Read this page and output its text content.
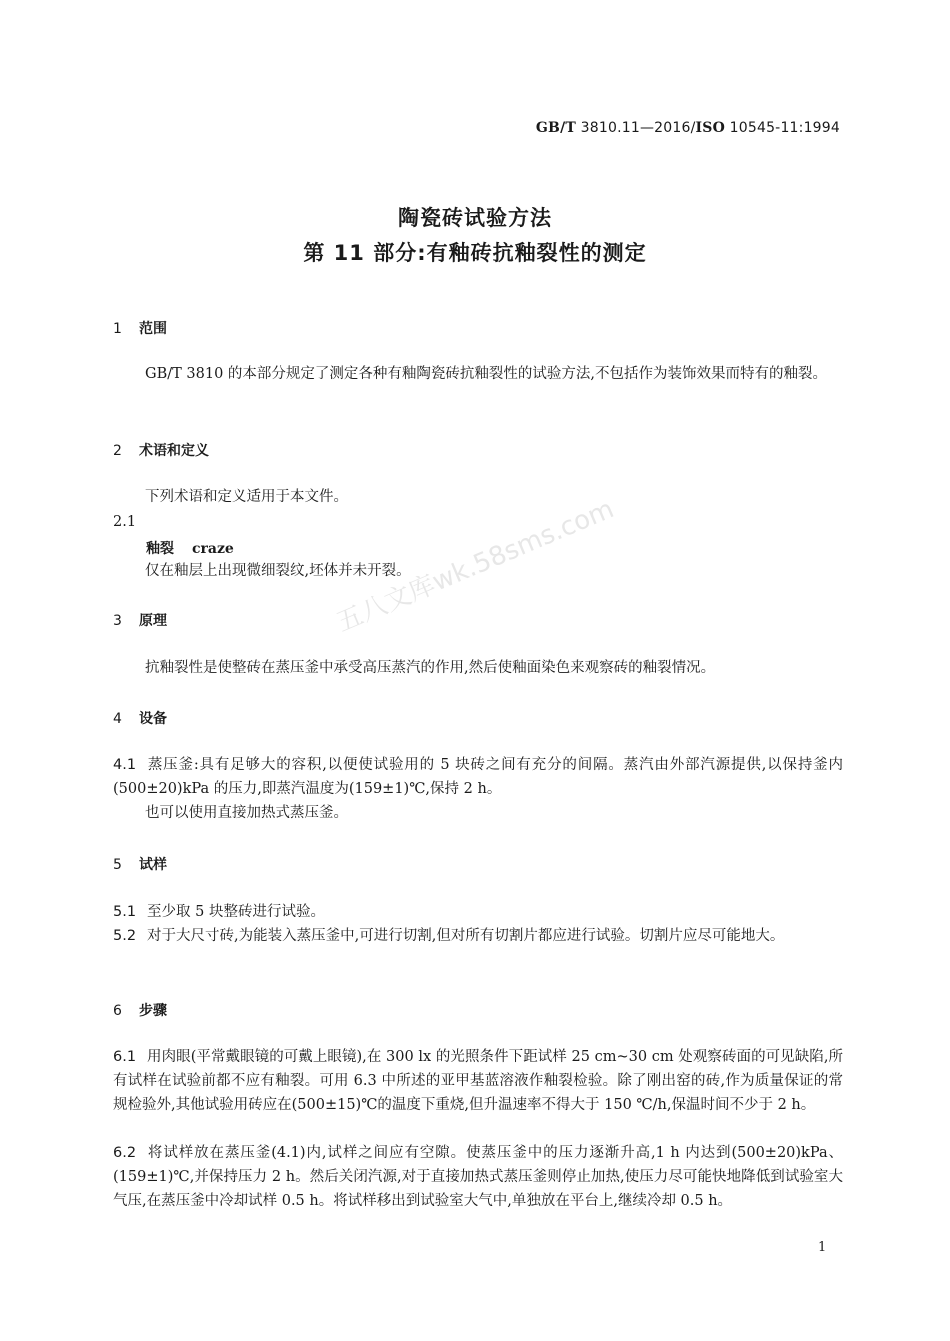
GB/T 3810.11—2016/ISO 10545-11:1994
陶瓷砖试验方法
第 11 部分:有釉砖抗釉裂性的测定
1 范围
GB/T 3810 的本部分规定了测定各种有釉陶瓷砖抗釉裂性的试验方法,不包括作为装饰效果而特有的釉裂。
2 术语和定义
下列术语和定义适用于本文件。
2.1
釉裂 craze
仅在釉层上出现微细裂纹,坯体并未开裂。
3 原理
抗釉裂性是使整砖在蒸压釜中承受高压蒸汽的作用,然后使釉面染色来观察砖的釉裂情况。
4 设备
4.1 蒸压釜:具有足够大的容积,以便使试验用的 5 块砖之间有充分的间隔。蒸汽由外部汽源提供,以保持釜内(500±20)kPa 的压力,即蒸汽温度为(159±1)℃,保持 2 h。
也可以使用直接加热式蒸压釜。
5 试样
5.1 至少取 5 块整砖进行试验。
5.2 对于大尺寸砖,为能装入蒸压釜中,可进行切割,但对所有切割片都应进行试验。切割片应尽可能地大。
6 步骤
6.1 用肉眼(平常戴眼镜的可戴上眼镜),在 300 lx 的光照条件下距试样 25 cm~30 cm 处观察砖面的可见缺陷,所有试样在试验前都不应有釉裂。可用 6.3 中所述的亚甲基蓝溶液作釉裂检验。除了刚出窑的砖,作为质量保证的常规检验外,其他试验用砖应在(500±15)℃的温度下重烧,但升温速率不得大于 150 ℃/h,保温时间不少于 2 h。
6.2 将试样放在蒸压釜(4.1)内,试样之间应有空隙。使蒸压釜中的压力逐渐升高,1 h 内达到(500±20)kPa、(159±1)℃,并保持压力 2 h。然后关闭汽源,对于直接加热式蒸压釜则停止加热,使压力尽可能快地降低到试验室大气压,在蒸压釜中冷却试样 0.5 h。将试样移出到试验室大气中,单独放在平台上,继续冷却 0.5 h。
五八文库wk.58sms.com
1
